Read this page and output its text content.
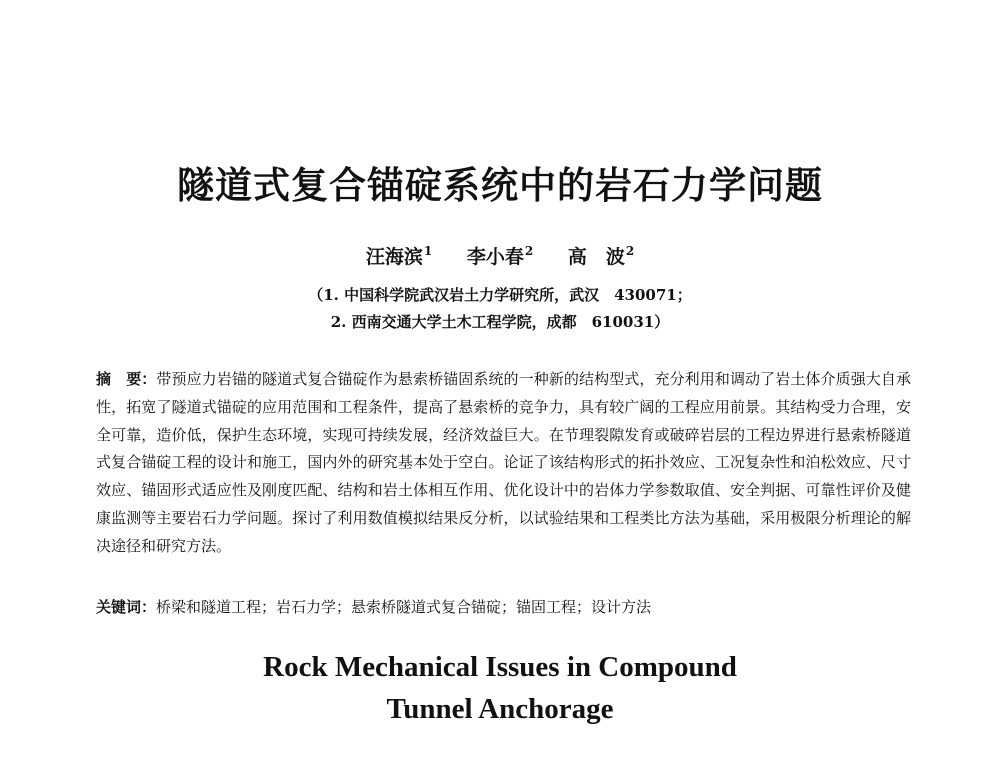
隧道式复合锚碇系统中的岩石力学问题
汪海滨$^1$ 李小春$^2$ 高　波$^2$
（1. 中国科学院武汉岩土力学研究所，武汉　430071；
2. 西南交通大学土木工程学院，成都　610031）
摘　要：带预应力岩锚的隧道式复合锚碇作为悬索桥锚固系统的一种新的结构型式，充分利用和调动了岩土体介质强大自承性，拓宽了隧道式锚碇的应用范围和工程条件，提高了悬索桥的竞争力，具有较广阔的工程应用前景。其结构受力合理，安全可靠，造价低，保护生态环境，实现可持续发展，经济效益巨大。在节理裂隙发育或破碎岩层的工程边界进行悬索桥隧道式复合锚碇工程的设计和施工，国内外的研究基本处于空白。论证了该结构形式的拓扑效应、工况复杂性和泊松效应、尺寸效应、锚固形式适应性及刚度匹配、结构和岩土体相互作用、优化设计中的岩体力学参数取值、安全判据、可靠性评价及健康监测等主要岩石力学问题。探讨了利用数值模拟结果反分析，以试验结果和工程类比方法为基础，采用极限分析理论的解决途径和研究方法。
关键词：桥梁和隧道工程；岩石力学；悬索桥隧道式复合锚碇；锚固工程；设计方法
Rock Mechanical Issues in Compound
Tunnel Anchorage
